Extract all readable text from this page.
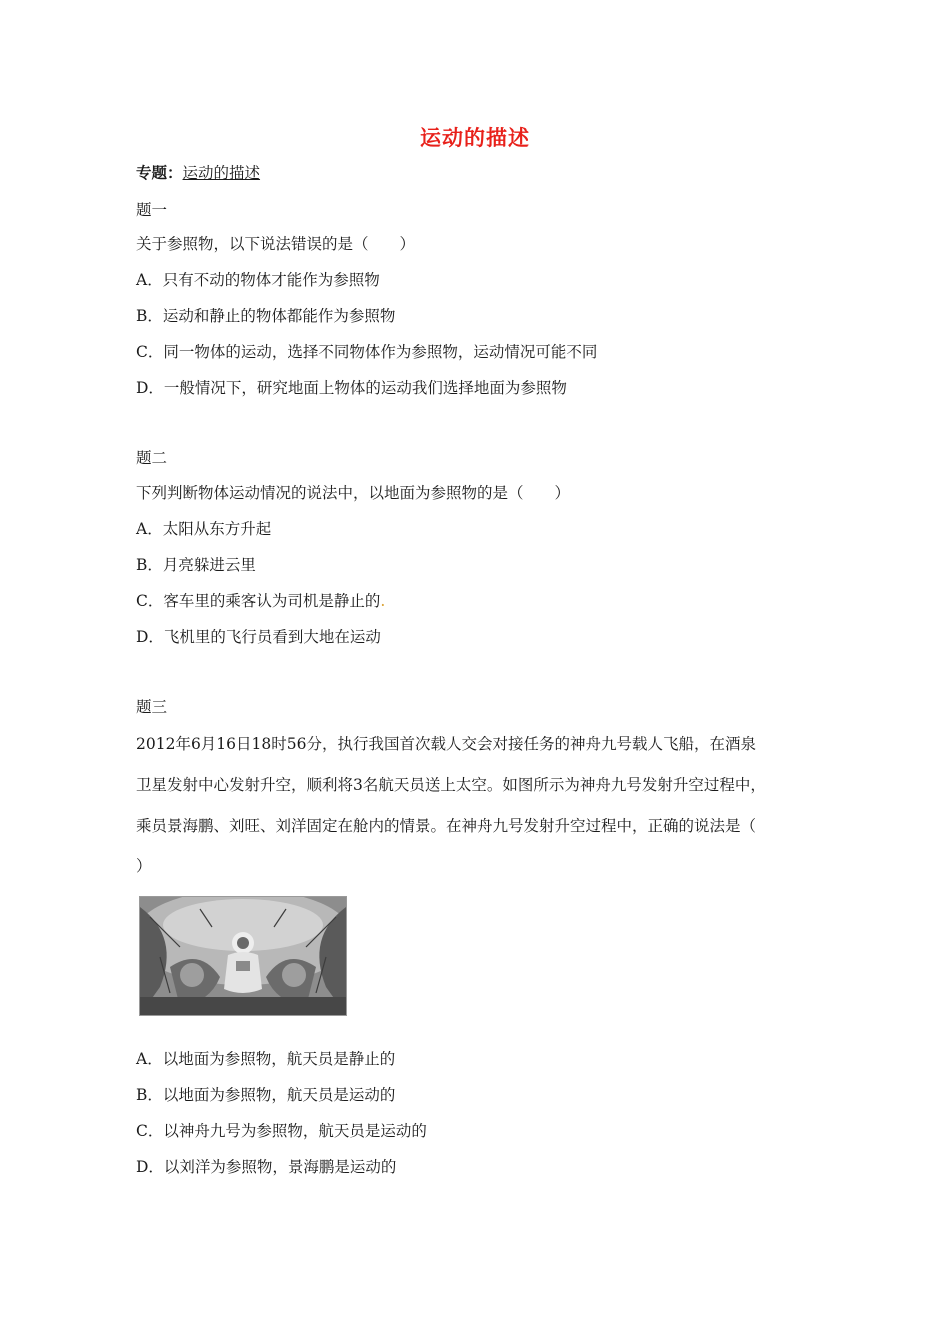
运动的描述
专题：运动的描述
题一
关于参照物，以下说法错误的是（　　）
A．只有不动的物体才能作为参照物
B．运动和静止的物体都能作为参照物
C．同一物体的运动，选择不同物体作为参照物，运动情况可能不同
D．一般情况下，研究地面上物体的运动我们选择地面为参照物
题二
下列判断物体运动情况的说法中，以地面为参照物的是（　　）
A．太阳从东方升起
B．月亮躲进云里
C．客车里的乘客认为司机是静止的.
D．飞机里的飞行员看到大地在运动
题三
2012年6月16日18时56分，执行我国首次载人交会对接任务的神舟九号载人飞船，在酒泉
卫星发射中心发射升空，顺利将3名航天员送上太空。如图所示为神舟九号发射升空过程中，
乘员景海鹏、刘旺、刘洋固定在舱内的情景。在神舟九号发射升空过程中，正确的说法是（
）
A．以地面为参照物，航天员是静止的
B．以地面为参照物，航天员是运动的
C．以神舟九号为参照物，航天员是运动的
D．以刘洋为参照物，景海鹏是运动的
